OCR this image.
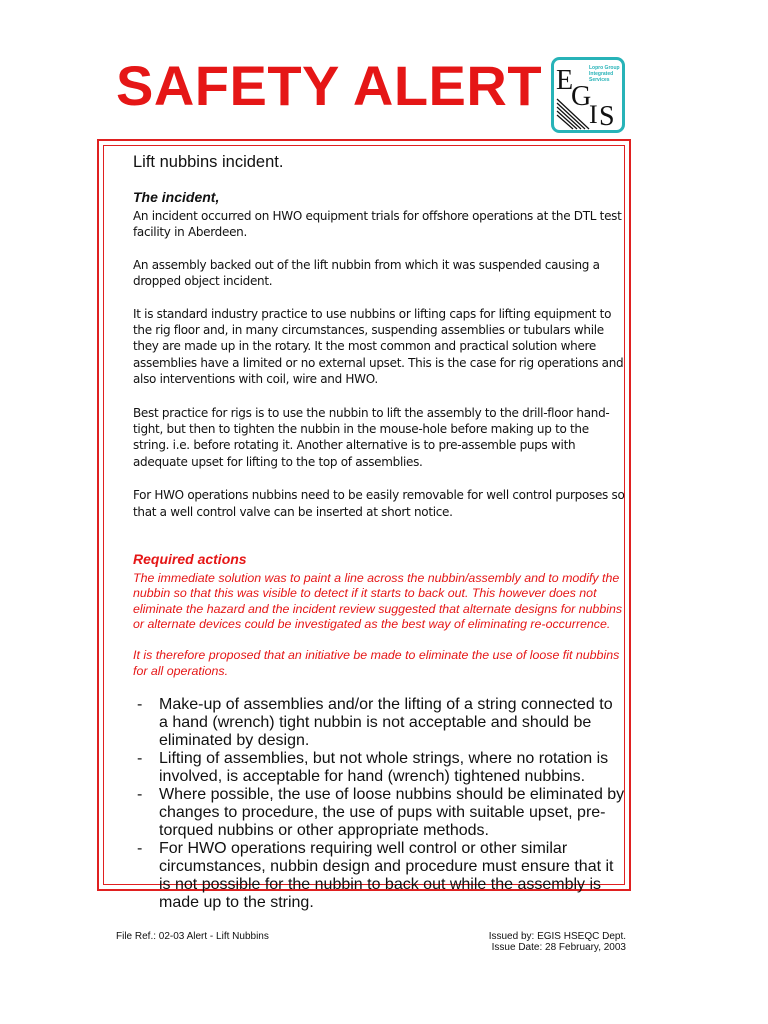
SAFETY ALERT E
G
I S
Lopro Group
Integrated
Services
Lift nubbins incident.
The incident,

An incident occurred on HWO equipment trials for offshore operations at the DTL test facility in Aberdeen.

An assembly backed out of the lift nubbin from which it was suspended causing a dropped object incident.

It is standard industry practice to use nubbins or lifting caps for lifting equipment to the rig floor and, in many circumstances, suspending assemblies or tubulars while they are made up in the rotary. It the most common and practical solution where assemblies have a limited or no external upset. This is the case for rig operations and also interventions with coil, wire and HWO.

Best practice for rigs is to use the nubbin to lift the assembly to the drill-floor hand-tight, but then to tighten the nubbin in the mouse-hole before making up to the string. i.e. before rotating it. Another alternative is to pre-assemble pups with adequate upset for lifting to the top of assemblies.

For HWO operations nubbins need to be easily removable for well control purposes so that a well control valve can be inserted at short notice.

Required actions

The immediate solution was to paint a line across the nubbin/assembly and to modify the nubbin so that this was visible to detect if it starts to back out. This however does not eliminate the hazard and the incident review suggested that alternate designs for nubbins or alternate devices could be investigated as the best way of eliminating re-occurrence.

It is therefore proposed that an initiative be made to eliminate the use of loose fit nubbins for all operations.

- Make-up of assemblies and/or the lifting of a string connected to a hand (wrench) tight nubbin is not acceptable and should be eliminated by design.
- Lifting of assemblies, but not whole strings, where no rotation is involved, is acceptable for hand (wrench) tightened nubbins.
- Where possible, the use of loose nubbins should be eliminated by changes to procedure, the use of pups with suitable upset, pre-torqued nubbins or other appropriate methods.
- For HWO operations requiring well control or other similar circumstances, nubbin design and procedure must ensure that it is not possible for the nubbin to back out while the assembly is made up to the string.
File Ref.: 02-03 Alert - Lift Nubbins	Issued by: EGIS HSEQC Dept.
Issue Date: 28 February, 2003
